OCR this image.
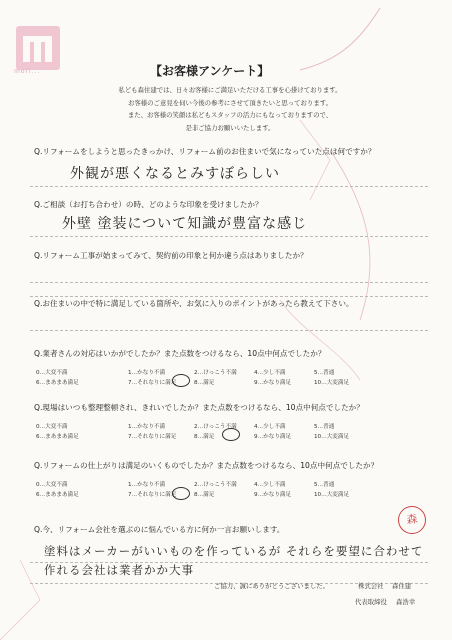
mori...	【お客様アンケート】
私ども森住建では、日々お客様にご満足いただける工事を心掛けております。
お客様のご意見を伺い今後の参考にさせて頂きたいと思っております。
また、お客様の笑顔は私どもスタッフの活力にもなっておりますので、
是非ご協力お願いいたします。
Q.リフォームをしようと思ったきっかけ、リフォーム前のお住まいで気になっていた点は何ですか？
外観が悪くなるとみすぼらしい
Q.ご相談（お打ち合わせ）の時、どのような印象を受けましたか？
外壁 塗装について知識が豊富な感じ
Q.リフォーム工事が始まってみて、契約前の印象と何か違う点はありましたか？
Q.お住まいの中で特に満足している箇所や、お気に入りのポイントがあったら教えて下さい。
Q.業者さんの対応はいかがでしたか？また点数をつけるなら、10点中何点でしたか？
0…大変不満	1…かなり不満	2…けっこう不満	4…少し不満	5…普通
6…まあまあ満足	7…それなりに満足	8…満足	9…かなり満足	10…大変満足
Q.現場はいつも整理整頓され、きれいでしたか？また点数をつけるなら、10点中何点でしたか？
0…大変不満	1…かなり不満	2…けっこう不満	4…少し不満	5…普通
6…まあまあ満足	7…それなりに満足	8…満足	9…かなり満足	10…大変満足
Q.リフォームの仕上がりは満足のいくものでしたか？また点数をつけるなら、10点中何点でしたか？
0…大変不満	1…かなり不満	2…けっこう不満	4…少し不満	5…普通
6…まあまあ満足	7…それなりに満足	8…満足	9…かなり満足	10…大変満足
Q.今、リフォーム会社を選ぶのに悩んでいる方に何か一言お願いします。
森
塗料はメーカーがいいものを作っているが それらを要望に合わせて
作れる会社は業者かか大事
ご協力、誠にありがとうございました。	株式会社 森住建
代表取締役 森浩幸
